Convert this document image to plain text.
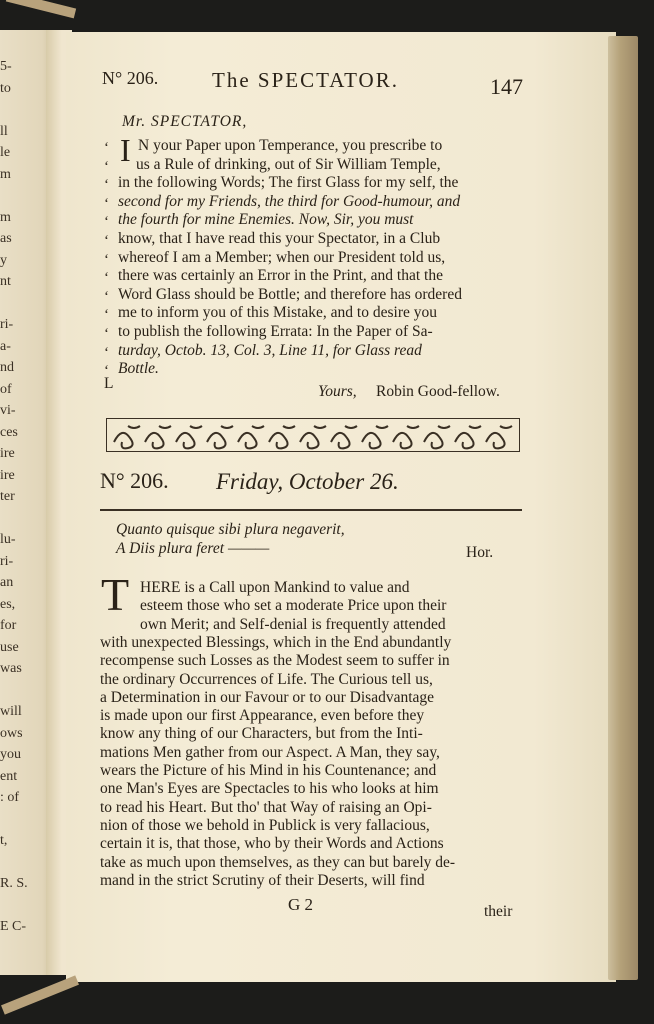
5-
to
ll
le
m
m
as
y
nt
ri-
a-
nd
of
vi-
ces
ire
ire
ter
lu-
ri-
an
es,
for
use
was
will
ows
you
ent
: of
t,
R. S.
E C-
N° 206.	The SPECTATOR.	147
Mr. SPECTATOR,
‘
‘
‘
‘
‘
‘
‘
‘
‘
‘
‘
‘
‘
I N your Paper upon Temperance, you prescribe to
us a Rule of drinking, out of Sir William Temple,
in the following Words; The first Glass for my self, the
second for my Friends, the third for Good-humour, and
the fourth for mine Enemies. Now, Sir, you must
know, that I have read this your Spectator, in a Club
whereof I am a Member; when our President told us,
there was certainly an Error in the Print, and that the
Word Glass should be Bottle; and therefore has ordered
me to inform you of this Mistake, and to desire you
to publish the following Errata: In the Paper of Sa-
turday, Octob. 13, Col. 3, Line 11, for Glass read
Bottle.
L	Yours, Robin Good-fellow.
N° 206. Friday, October 26.
Quanto quisque sibi plura negaverit,
A Diis plura feret ———	Hor.
T HERE is a Call upon Mankind to value and
esteem those who set a moderate Price upon their
own Merit; and Self-denial is frequently attended
with unexpected Blessings, which in the End abundantly
recompense such Losses as the Modest seem to suffer in
the ordinary Occurrences of Life. The Curious tell us,
a Determination in our Favour or to our Disadvantage
is made upon our first Appearance, even before they
know any thing of our Characters, but from the Inti-
mations Men gather from our Aspect. A Man, they say,
wears the Picture of his Mind in his Countenance; and
one Man's Eyes are Spectacles to his who looks at him
to read his Heart. But tho' that Way of raising an Opi-
nion of those we behold in Publick is very fallacious,
certain it is, that those, who by their Words and Actions
take as much upon themselves, as they can but barely de-
mand in the strict Scrutiny of their Deserts, will find
G 2	their
